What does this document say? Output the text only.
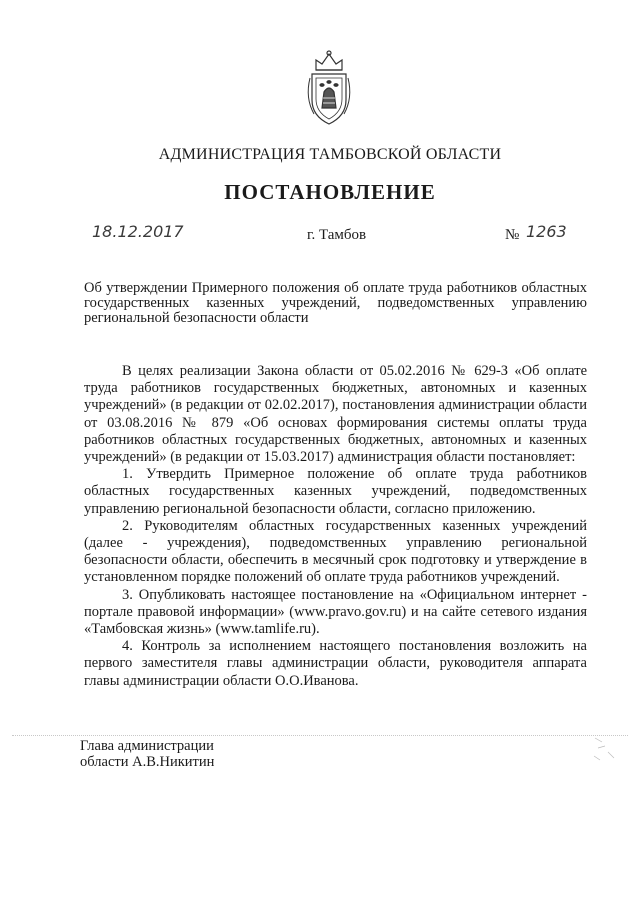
АДМИНИСТРАЦИЯ ТАМБОВСКОЙ ОБЛАСТИ
ПОСТАНОВЛЕНИЕ
18.12.2017	г. Тамбов	№ 1263
Об утверждении Примерного положения об оплате труда работников областных государственных казенных учреждений, подведомственных управлению региональной безопасности области

В целях реализации Закона области от 05.02.2016 № 629-З «Об оплате труда работников государственных бюджетных, автономных и казенных учреждений» (в редакции от 02.02.2017), постановления администрации области от 03.08.2016 № 879 «Об основах формирования системы оплаты труда работников областных государственных бюджетных, автономных и казенных учреждений» (в редакции от 15.03.2017) администрация области постановляет:

1. Утвердить Примерное положение об оплате труда работников областных государственных казенных учреждений, подведомственных управлению региональной безопасности области, согласно приложению.

2. Руководителям областных государственных казенных учреждений (далее - учреждения), подведомственных управлению региональной безопасности области, обеспечить в месячный срок подготовку и утверждение в установленном порядке положений об оплате труда работников учреждений.

3. Опубликовать настоящее постановление на «Официальном интернет - портале правовой информации» (www.pravo.gov.ru) и на сайте сетевого издания «Тамбовская жизнь» (www.tamlife.ru).

4. Контроль за исполнением настоящего постановления возложить на первого заместителя главы администрации области, руководителя аппарата главы администрации области О.О.Иванова.

Глава администрации
области А.В.Никитин
